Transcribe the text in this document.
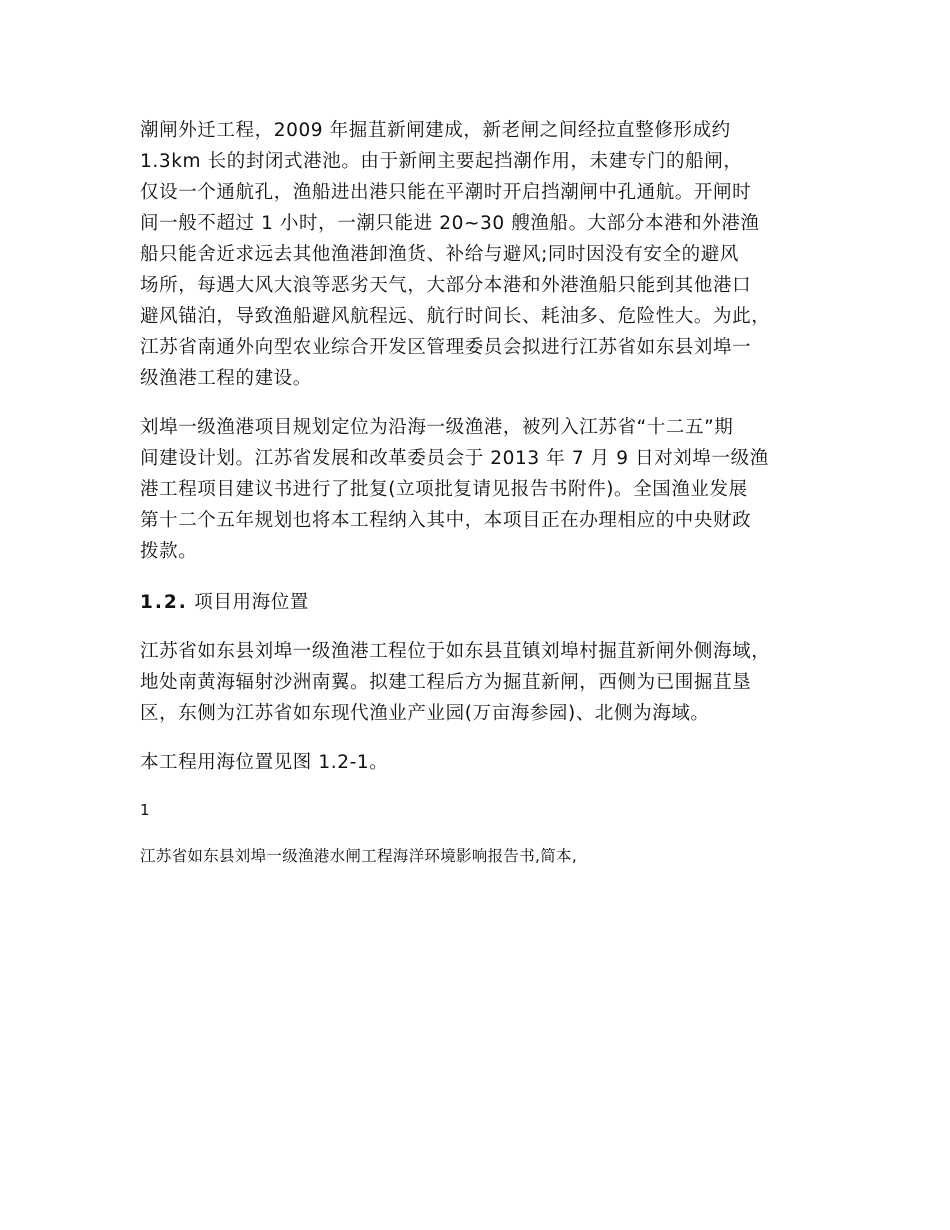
潮闸外迁工程，2009 年掘苴新闸建成，新老闸之间经拉直整修形成约
1.3km 长的封闭式港池。由于新闸主要起挡潮作用，未建专门的船闸，
仅设一个通航孔，渔船进出港只能在平潮时开启挡潮闸中孔通航。开闸时
间一般不超过 1 小时，一潮只能进 20~30 艘渔船。大部分本港和外港渔
船只能舍近求远去其他渔港卸渔货、补给与避风;同时因没有安全的避风
场所，每遇大风大浪等恶劣天气，大部分本港和外港渔船只能到其他港口
避风锚泊，导致渔船避风航程远、航行时间长、耗油多、危险性大。为此，
江苏省南通外向型农业综合开发区管理委员会拟进行江苏省如东县刘埠一
级渔港工程的建设。
刘埠一级渔港项目规划定位为沿海一级渔港，被列入江苏省“十二五”期
间建设计划。江苏省发展和改革委员会于 2013 年 7 月 9 日对刘埠一级渔
港工程项目建议书进行了批复(立项批复请见报告书附件)。全国渔业发展
第十二个五年规划也将本工程纳入其中，本项目正在办理相应的中央财政
拨款。
1.2. 项目用海位置
江苏省如东县刘埠一级渔港工程位于如东县苴镇刘埠村掘苴新闸外侧海域，
地处南黄海辐射沙洲南翼。拟建工程后方为掘苴新闸，西侧为已围掘苴垦
区，东侧为江苏省如东现代渔业产业园(万亩海参园)、北侧为海域。
本工程用海位置见图 1.2-1。
1
江苏省如东县刘埠一级渔港水闸工程海洋环境影响报告书,简本,
